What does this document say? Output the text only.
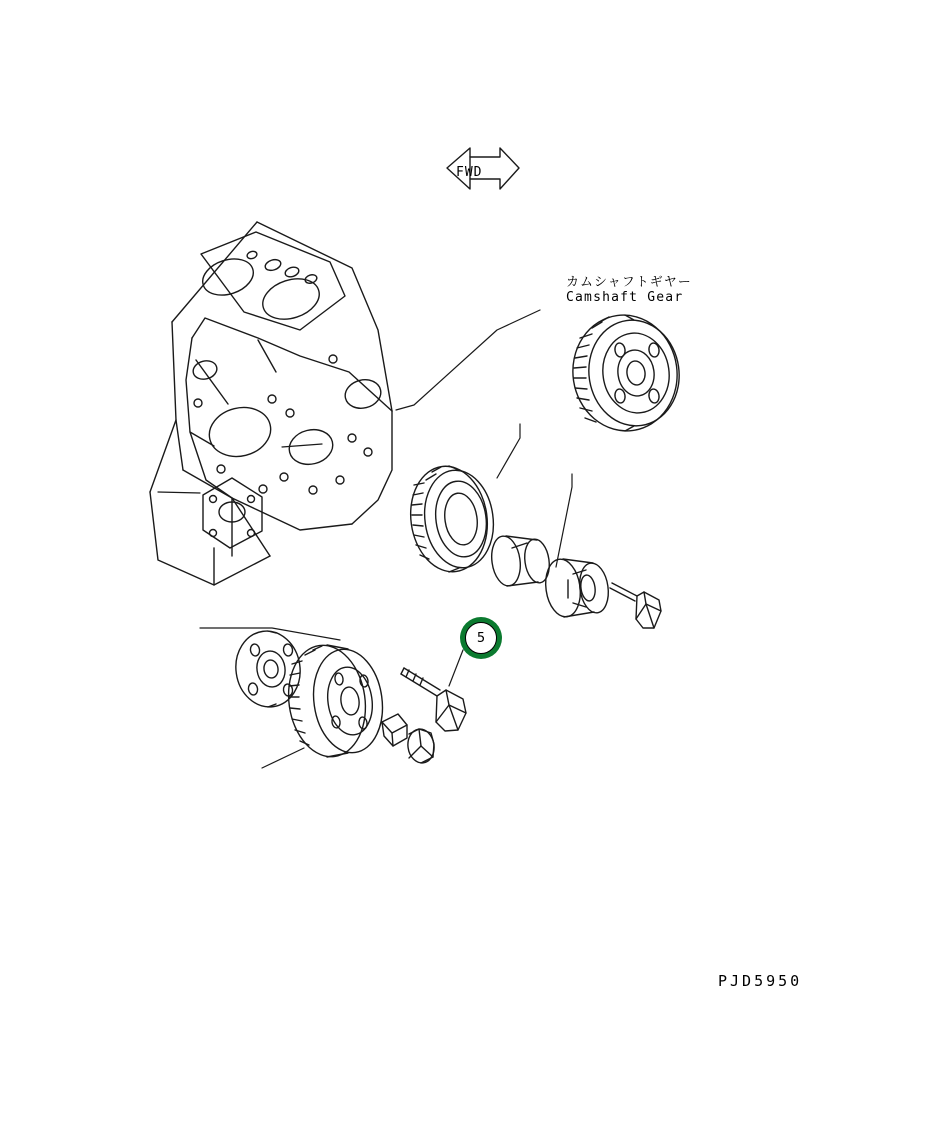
FWD
カムシャフトギヤー
Camshaft Gear
5
PJD5950
